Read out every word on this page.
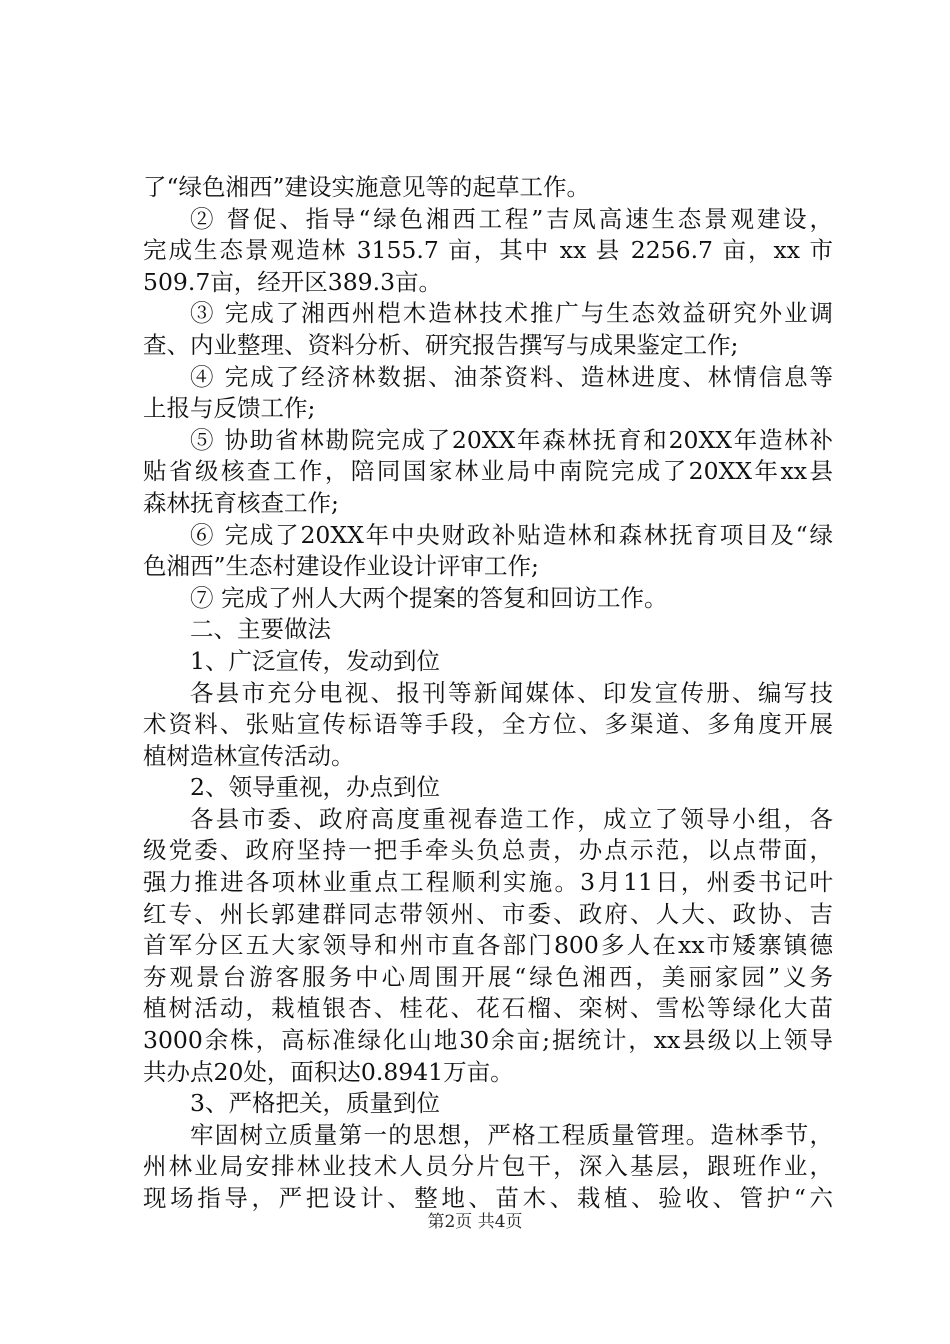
了“绿色湘西”建设实施意见等的起草工作。
② 督促、指导“绿色湘西工程”吉凤高速生态景观建设，
完成生态景观造林 3155.7 亩，其中 xx 县 2256.7 亩，xx 市
509.7亩，经开区389.3亩。
③ 完成了湘西州桤木造林技术推广与生态效益研究外业调
查、内业整理、资料分析、研究报告撰写与成果鉴定工作;
④ 完成了经济林数据、油茶资料、造林进度、林情信息等
上报与反馈工作;
⑤ 协助省林勘院完成了20XX年森林抚育和20XX年造林补
贴省级核查工作，陪同国家林业局中南院完成了20XX年xx县
森林抚育核查工作;
⑥ 完成了20XX年中央财政补贴造林和森林抚育项目及“绿
色湘西”生态村建设作业设计评审工作;
⑦ 完成了州人大两个提案的答复和回访工作。
二、主要做法
1、广泛宣传，发动到位
各县市充分电视、报刊等新闻媒体、印发宣传册、编写技
术资料、张贴宣传标语等手段，全方位、多渠道、多角度开展
植树造林宣传活动。
2、领导重视，办点到位
各县市委、政府高度重视春造工作，成立了领导小组，各
级党委、政府坚持一把手牵头负总责，办点示范，以点带面，
强力推进各项林业重点工程顺利实施。3月11日，州委书记叶
红专、州长郭建群同志带领州、市委、政府、人大、政协、吉
首军分区五大家领导和州市直各部门800多人在xx市矮寨镇德
夯观景台游客服务中心周围开展“绿色湘西，美丽家园”义务
植树活动，栽植银杏、桂花、花石榴、栾树、雪松等绿化大苗
3000余株，高标准绿化山地30余亩;据统计，xx县级以上领导
共办点20处，面积达0.8941万亩。
3、严格把关，质量到位
牢固树立质量第一的思想，严格工程质量管理。造林季节，
州林业局安排林业技术人员分片包干，深入基层，跟班作业，
现场指导，严把设计、整地、苗木、栽植、验收、管护“六
第2页 共4页
